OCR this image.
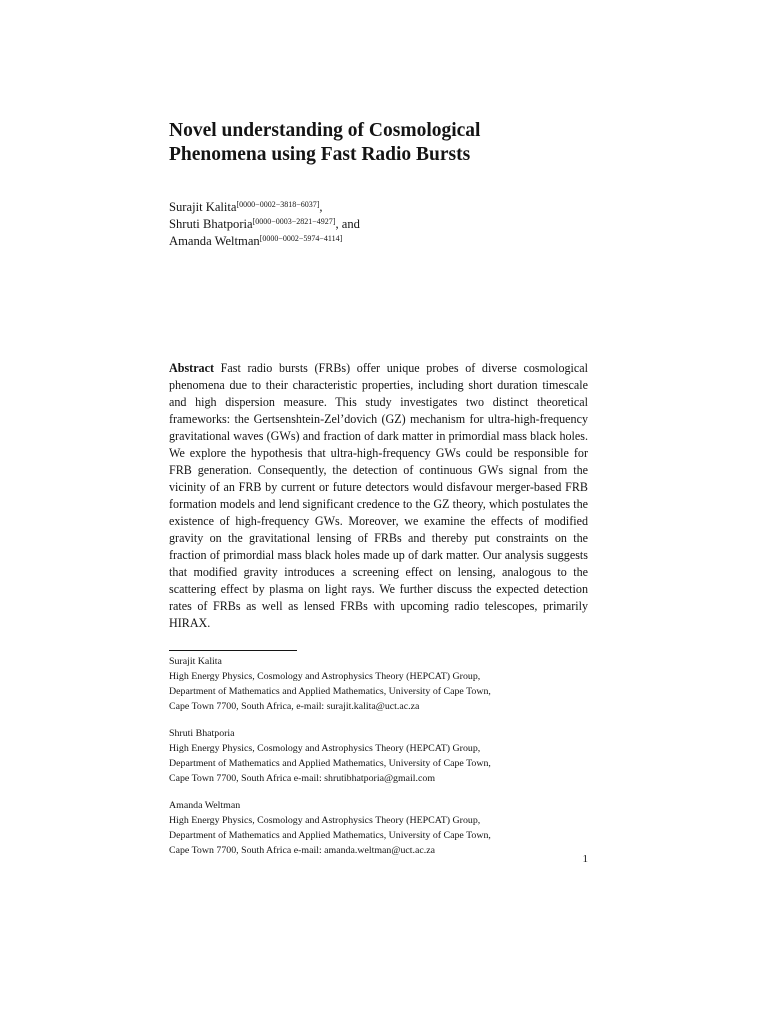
Novel understanding of Cosmological
Phenomena using Fast Radio Bursts
Surajit Kalita[0000−0002−3818−6037],
Shruti Bhatporia[0000−0003−2821−4927], and
Amanda Weltman[0000−0002−5974−4114]

Abstract Fast radio bursts (FRBs) offer unique probes of diverse cosmological phenomena due to their characteristic properties, including short duration timescale and high dispersion measure. This study investigates two distinct theoretical frameworks: the Gertsenshtein-Zel’dovich (GZ) mechanism for ultra-high-frequency gravitational waves (GWs) and fraction of dark matter in primordial mass black holes. We explore the hypothesis that ultra-high-frequency GWs could be responsible for FRB generation. Consequently, the detection of continuous GWs signal from the vicinity of an FRB by current or future detectors would disfavour merger-based FRB formation models and lend significant credence to the GZ theory, which postulates the existence of high-frequency GWs. Moreover, we examine the effects of modified gravity on the gravitational lensing of FRBs and thereby put constraints on the fraction of primordial mass black holes made up of dark matter. Our analysis suggests that modified gravity introduces a screening effect on lensing, analogous to the scattering effect by plasma on light rays. We further discuss the expected detection rates of FRBs as well as lensed FRBs with upcoming radio telescopes, primarily HIRAX.

Surajit Kalita
High Energy Physics, Cosmology and Astrophysics Theory (HEPCAT) Group,
Department of Mathematics and Applied Mathematics, University of Cape Town,
Cape Town 7700, South Africa, e-mail: surajit.kalita@uct.ac.za
Shruti Bhatporia
High Energy Physics, Cosmology and Astrophysics Theory (HEPCAT) Group,
Department of Mathematics and Applied Mathematics, University of Cape Town,
Cape Town 7700, South Africa e-mail: shrutibhatporia@gmail.com
Amanda Weltman
High Energy Physics, Cosmology and Astrophysics Theory (HEPCAT) Group,
Department of Mathematics and Applied Mathematics, University of Cape Town,
Cape Town 7700, South Africa e-mail: amanda.weltman@uct.ac.za
1
